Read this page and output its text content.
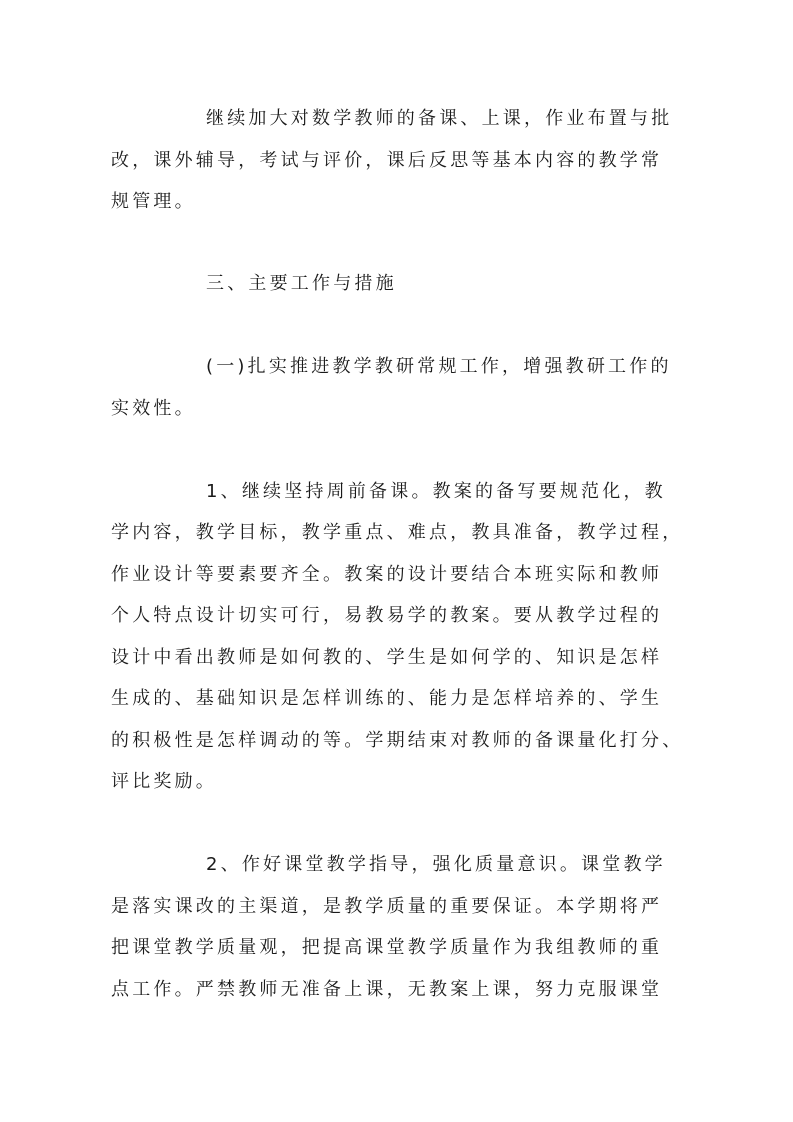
继续加大对数学教师的备课、上课，作业布置与批
改，课外辅导，考试与评价，课后反思等基本内容的教学常
规管理。
三、主要工作与措施
(一)扎实推进教学教研常规工作，增强教研工作的
实效性。
1、继续坚持周前备课。教案的备写要规范化，教
学内容，教学目标，教学重点、难点，教具准备，教学过程，
作业设计等要素要齐全。教案的设计要结合本班实际和教师
个人特点设计切实可行，易教易学的教案。要从教学过程的
设计中看出教师是如何教的、学生是如何学的、知识是怎样
生成的、基础知识是怎样训练的、能力是怎样培养的、学生
的积极性是怎样调动的等。学期结束对教师的备课量化打分、
评比奖励。
2、作好课堂教学指导，强化质量意识。课堂教学
是落实课改的主渠道，是教学质量的重要保证。本学期将严
把课堂教学质量观，把提高课堂教学质量作为我组教师的重
点工作。严禁教师无准备上课，无教案上课，努力克服课堂
